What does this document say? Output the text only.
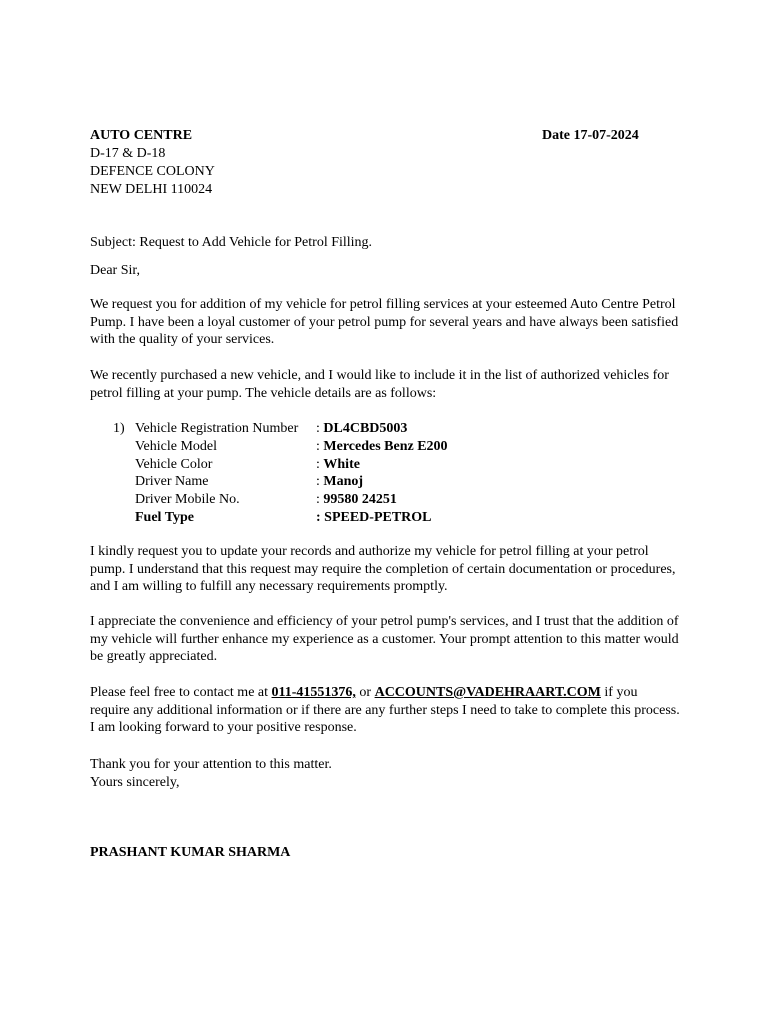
AUTO CENTRE	Date 17-07-2024
D-17 & D-18
DEFENCE COLONY
NEW DELHI 110024
Subject: Request to Add Vehicle for Petrol Filling.
Dear Sir,
We request you for addition of my vehicle for petrol filling services at your esteemed Auto Centre Petrol Pump. I have been a loyal customer of your petrol pump for several years and have always been satisfied with the quality of your services.
We recently purchased a new vehicle, and I would like to include it in the list of authorized vehicles for petrol filling at your pump. The vehicle details are as follows:
1) Vehicle Registration Number : DL4CBD5003
Vehicle Model	: Mercedes Benz E200
Vehicle Color	: White
Driver Name	: Manoj
Driver Mobile No.	: 99580 24251
Fuel Type	: SPEED-PETROL
I kindly request you to update your records and authorize my vehicle for petrol filling at your petrol pump. I understand that this request may require the completion of certain documentation or procedures, and I am willing to fulfill any necessary requirements promptly.
I appreciate the convenience and efficiency of your petrol pump's services, and I trust that the addition of my vehicle will further enhance my experience as a customer. Your prompt attention to this matter would be greatly appreciated.
Please feel free to contact me at 011-41551376, or ACCOUNTS@VADEHRAART.COM if you require any additional information or if there are any further steps I need to take to complete this process. I am looking forward to your positive response.
Thank you for your attention to this matter.
Yours sincerely,
PRASHANT KUMAR SHARMA
